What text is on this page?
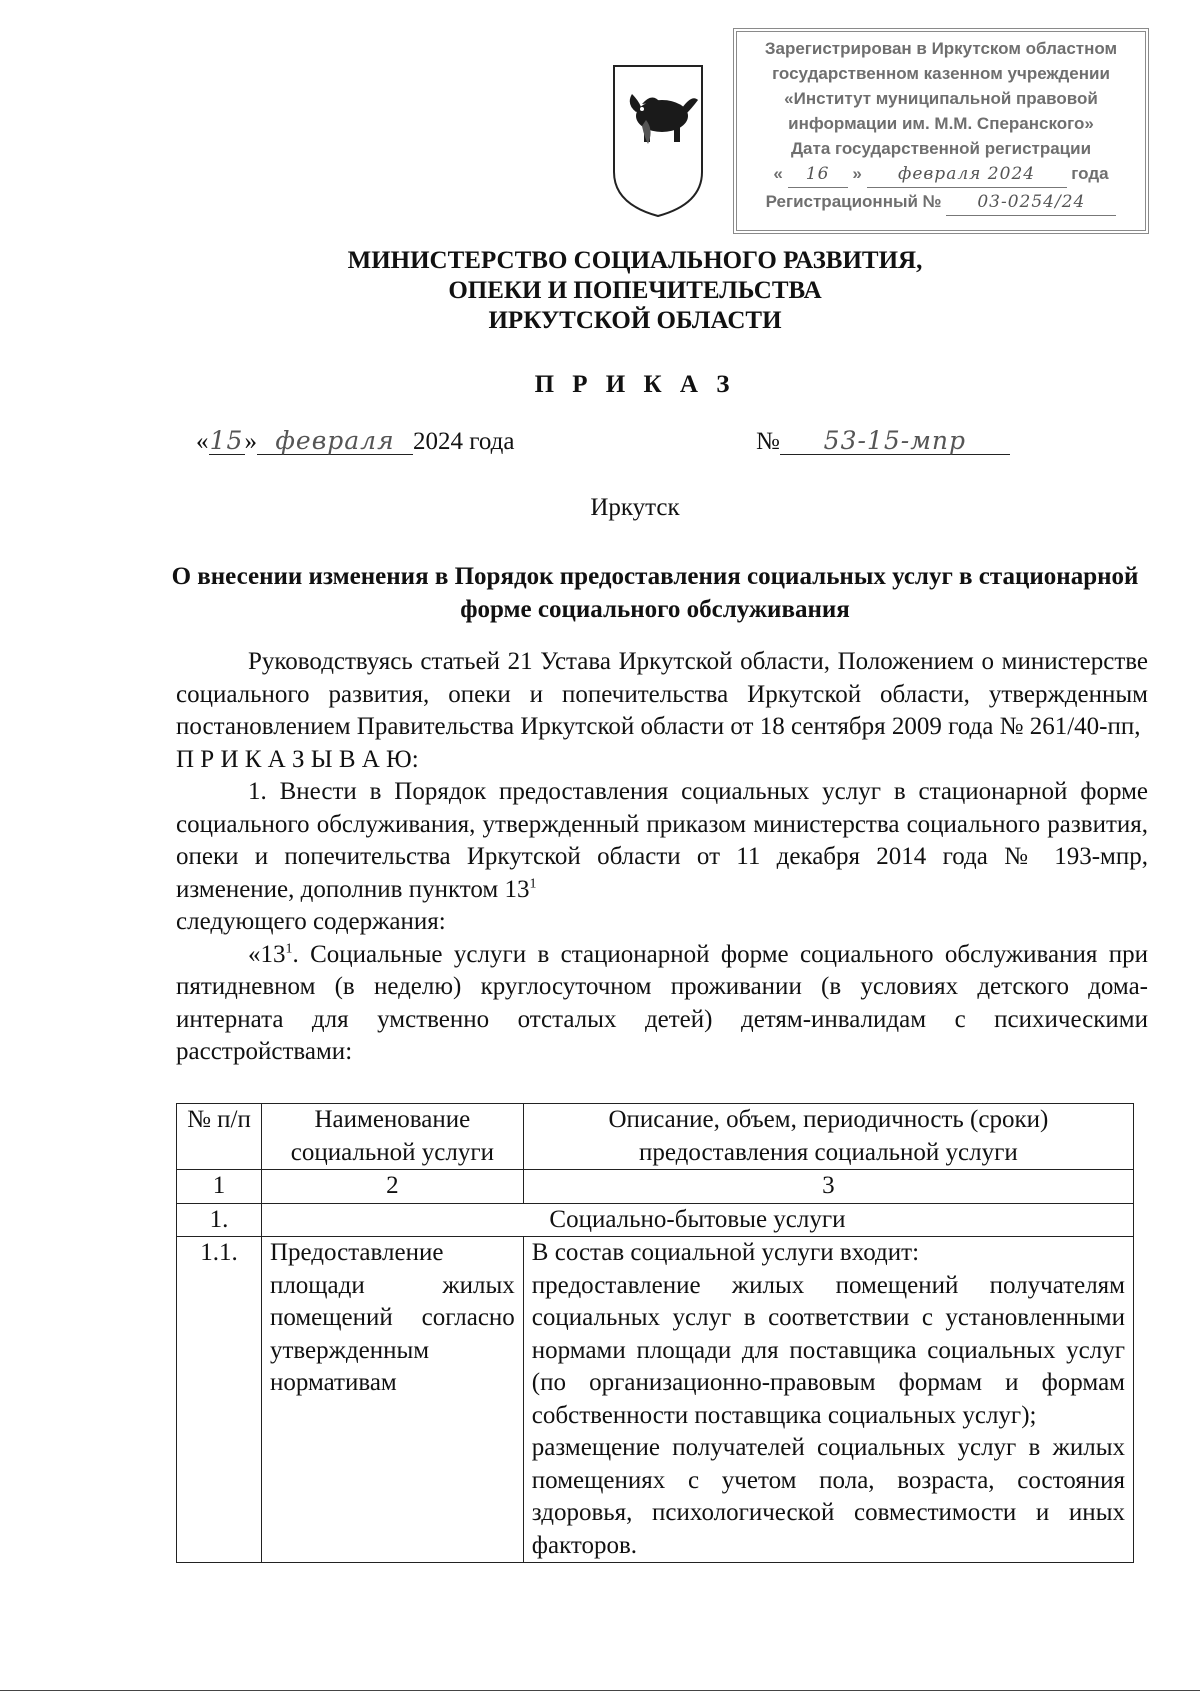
Зарегистрирован в Иркутском областном
государственном казенном учреждении
«Институт муниципальной правовой
информации им. М.М. Сперанского»
Дата государственной регистрации
« 16 » февраля 2024 года
Регистрационный № 03-0254/24
МИНИСТЕРСТВО СОЦИАЛЬНОГО РАЗВИТИЯ,
ОПЕКИ И ПОПЕЧИТЕЛЬСТВА
ИРКУТСКОЙ ОБЛАСТИ
П Р И К А З
«15» февраля 2024 года	№ 53-15-мпр
Иркутск
О внесении изменения в Порядок предоставления социальных услуг в стационарной форме социального обслуживания

Руководствуясь статьей 21 Устава Иркутской области, Положением о министерстве социального развития, опеки и попечительства Иркутской области, утвержденным постановлением Правительства Иркутской области от 18 сентября 2009 года № 261/40-пп,

П Р И К А З Ы В А Ю:

1. Внести в Порядок предоставления социальных услуг в стационарной форме социального обслуживания, утвержденный приказом министерства социального развития, опеки и попечительства Иркутской области от 11 декабря 2014 года № 193-мпр, изменение, дополнив пунктом $13^1$

следующего содержания:

«$13^1$. Социальные услуги в стационарной форме социального обслуживания при пятидневном (в неделю) круглосуточном проживании (в условиях детского дома-интерната для умственно отсталых детей) детям-инвалидам с психическими расстройствами:

№ п/п	Наименование социальной услуги	Описание, объем, периодичность (сроки) предоставления социальной услуги
1	2	3
1.	Социально-бытовые услуги	
1.1.	Предоставление площади жилых помещений согласно утвержденным нормативам	В состав социальной услуги входит:

предоставление жилых помещений получателям социальных услуг в соответствии с установленными нормами площади для поставщика социальных услуг (по организационно-правовым формам и формам собственности поставщика социальных услуг);

размещение получателей социальных услуг в жилых помещениях с учетом пола, возраста, состояния здоровья, психологической совместимости и иных факторов.
